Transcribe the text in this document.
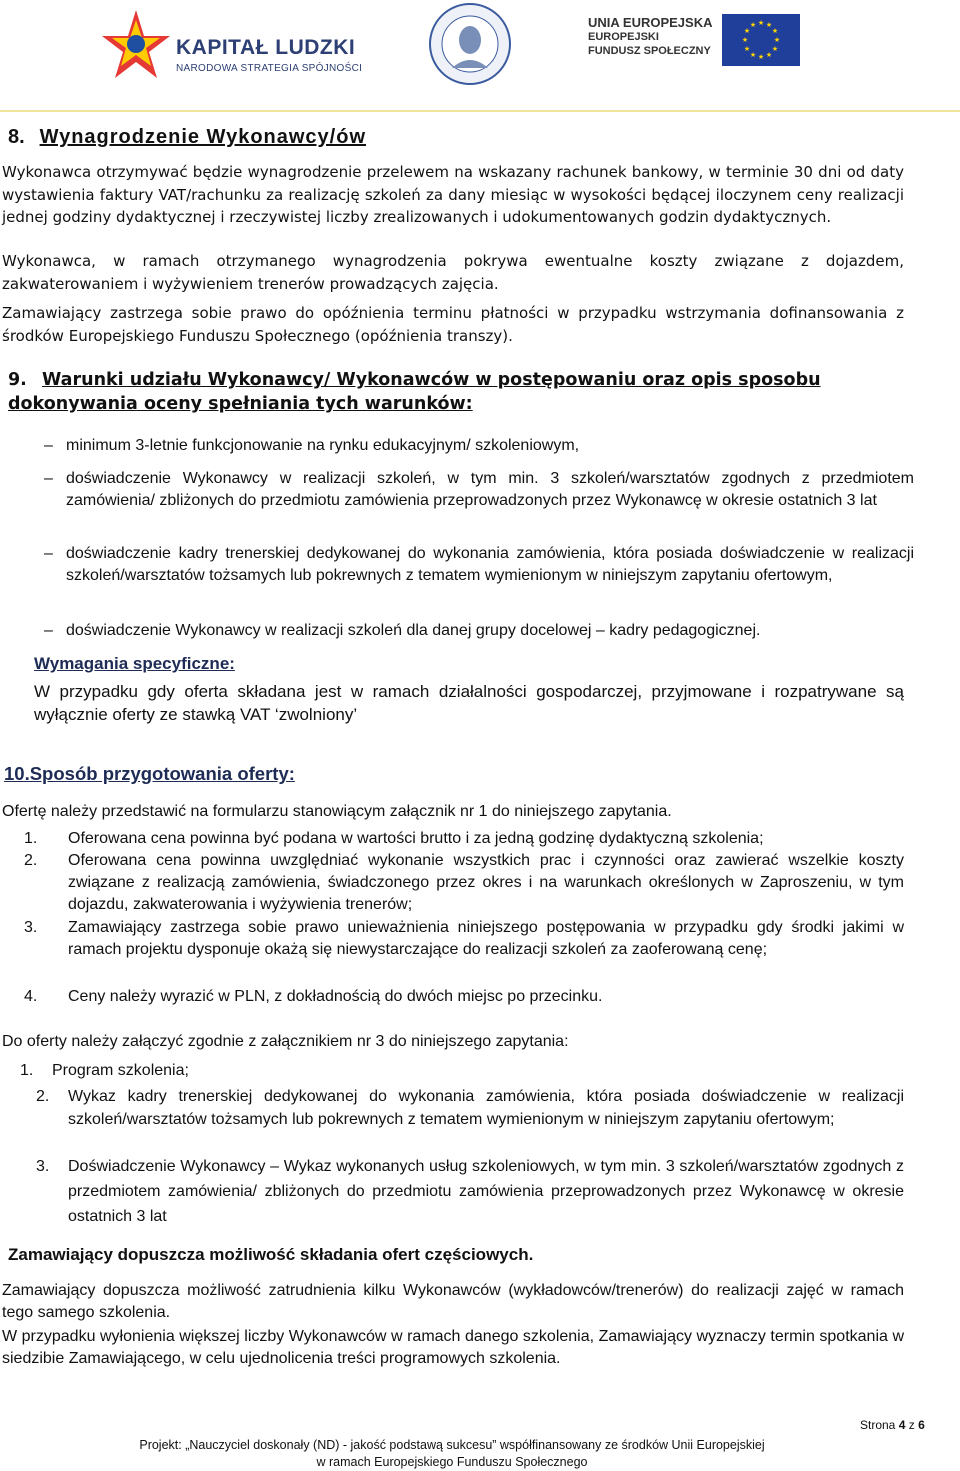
KAPITAŁ LUDZKI
NARODOWA STRATEGIA SPÓJNOŚCI
UNIA EUROPEJSKA
EUROPEJSKI
FUNDUSZ SPOŁECZNY
★ ★
★
★
★
★
★
★
★
★
★
★
8. Wynagrodzenie Wykonawcy/ów
Wykonawca otrzymywać będzie wynagrodzenie przelewem na wskazany rachunek bankowy, w terminie 30 dni od daty wystawienia faktury VAT/rachunku za realizację szkoleń za dany miesiąc w wysokości będącej iloczynem ceny realizacji jednej godziny dydaktycznej i rzeczywistej liczby zrealizowanych i udokumentowanych godzin dydaktycznych.
Wykonawca, w ramach otrzymanego wynagrodzenia pokrywa ewentualne koszty związane z dojazdem, zakwaterowaniem i wyżywieniem trenerów prowadzących zajęcia.
Zamawiający zastrzega sobie prawo do opóźnienia terminu płatności w przypadku wstrzymania dofinansowania z środków Europejskiego Funduszu Społecznego (opóźnienia transzy).
9. Warunki udziału Wykonawcy/ Wykonawców w postępowaniu oraz opis sposobu dokonywania oceny spełniania tych warunków:
– minimum 3-letnie funkcjonowanie na rynku edukacyjnym/ szkoleniowym,
– doświadczenie Wykonawcy w realizacji szkoleń, w tym min. 3 szkoleń/warsztatów zgodnych z przedmiotem zamówienia/ zbliżonych do przedmiotu zamówienia przeprowadzonych przez Wykonawcę w okresie ostatnich 3 lat
– doświadczenie kadry trenerskiej dedykowanej do wykonania zamówienia, która posiada doświadczenie w realizacji szkoleń/warsztatów tożsamych lub pokrewnych z tematem wymienionym w niniejszym zapytaniu ofertowym,
– doświadczenie Wykonawcy w realizacji szkoleń dla danej grupy docelowej – kadry pedagogicznej.
Wymagania specyficzne:
W przypadku gdy oferta składana jest w ramach działalności gospodarczej, przyjmowane i rozpatrywane są wyłącznie oferty ze stawką VAT ‘zwolniony’
10.Sposób przygotowania oferty:
Ofertę należy przedstawić na formularzu stanowiącym załącznik nr 1 do niniejszego zapytania.
1. Oferowana cena powinna być podana w wartości brutto i za jedną godzinę dydaktyczną szkolenia;
2. Oferowana cena powinna uwzględniać wykonanie wszystkich prac i czynności oraz zawierać wszelkie koszty związane z realizacją zamówienia, świadczonego przez okres i na warunkach określonych w Zaproszeniu, w tym dojazdu, zakwaterowania i wyżywienia trenerów;
3. Zamawiający zastrzega sobie prawo unieważnienia niniejszego postępowania w przypadku gdy środki jakimi w ramach projektu dysponuje okażą się niewystarczające do realizacji szkoleń za zaoferowaną cenę;
4. Ceny należy wyrazić w PLN, z dokładnością do dwóch miejsc po przecinku.
Do oferty należy załączyć zgodnie z załącznikiem nr 3 do niniejszego zapytania:
1. Program szkolenia;
2. Wykaz kadry trenerskiej dedykowanej do wykonania zamówienia, która posiada doświadczenie w realizacji szkoleń/warsztatów tożsamych lub pokrewnych z tematem wymienionym w niniejszym zapytaniu ofertowym;
3. Doświadczenie Wykonawcy – Wykaz wykonanych usług szkoleniowych, w tym min. 3 szkoleń/warsztatów zgodnych z przedmiotem zamówienia/ zbliżonych do przedmiotu zamówienia przeprowadzonych przez Wykonawcę w okresie ostatnich 3 lat
Zamawiający dopuszcza możliwość składania ofert częściowych.
Zamawiający dopuszcza możliwość zatrudnienia kilku Wykonawców (wykładowców/trenerów) do realizacji zajęć w ramach tego samego szkolenia.
W przypadku wyłonienia większej liczby Wykonawców w ramach danego szkolenia, Zamawiający wyznaczy termin spotkania w siedzibie Zamawiającego, w celu ujednolicenia treści programowych szkolenia.
Strona 4 z 6
Projekt: „Nauczyciel doskonały (ND) - jakość podstawą sukcesu” współfinansowany ze środków Unii Europejskiej
w ramach Europejskiego Funduszu Społecznego
